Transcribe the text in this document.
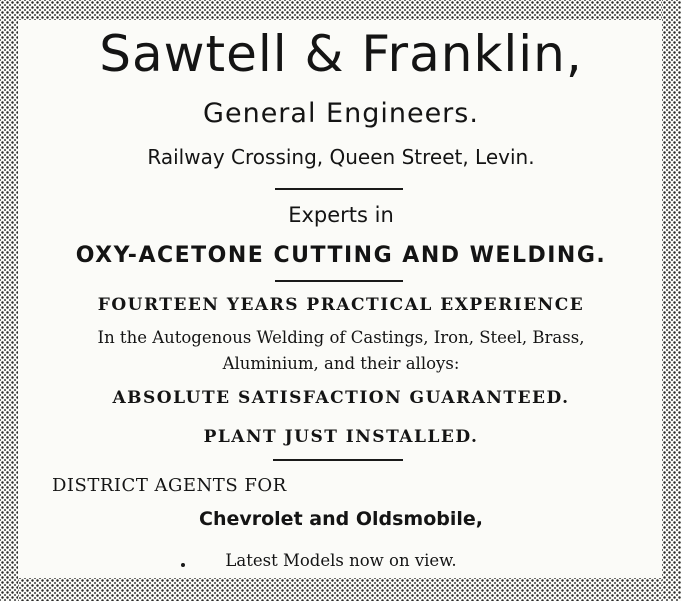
Sawtell & Franklin,

General Engineers.

Railway Crossing, Queen Street, Levin.

Experts in

OXY-ACETONE CUTTING AND WELDING.

FOURTEEN YEARS PRACTICAL EXPERIENCE

In the Autogenous Welding of Castings, Iron, Steel, Brass,

Aluminium, and their alloys:

ABSOLUTE SATISFACTION GUARANTEED.

PLANT JUST INSTALLED.

DISTRICT AGENTS FOR

Chevrolet and Oldsmobile,

Latest Models now on view.
